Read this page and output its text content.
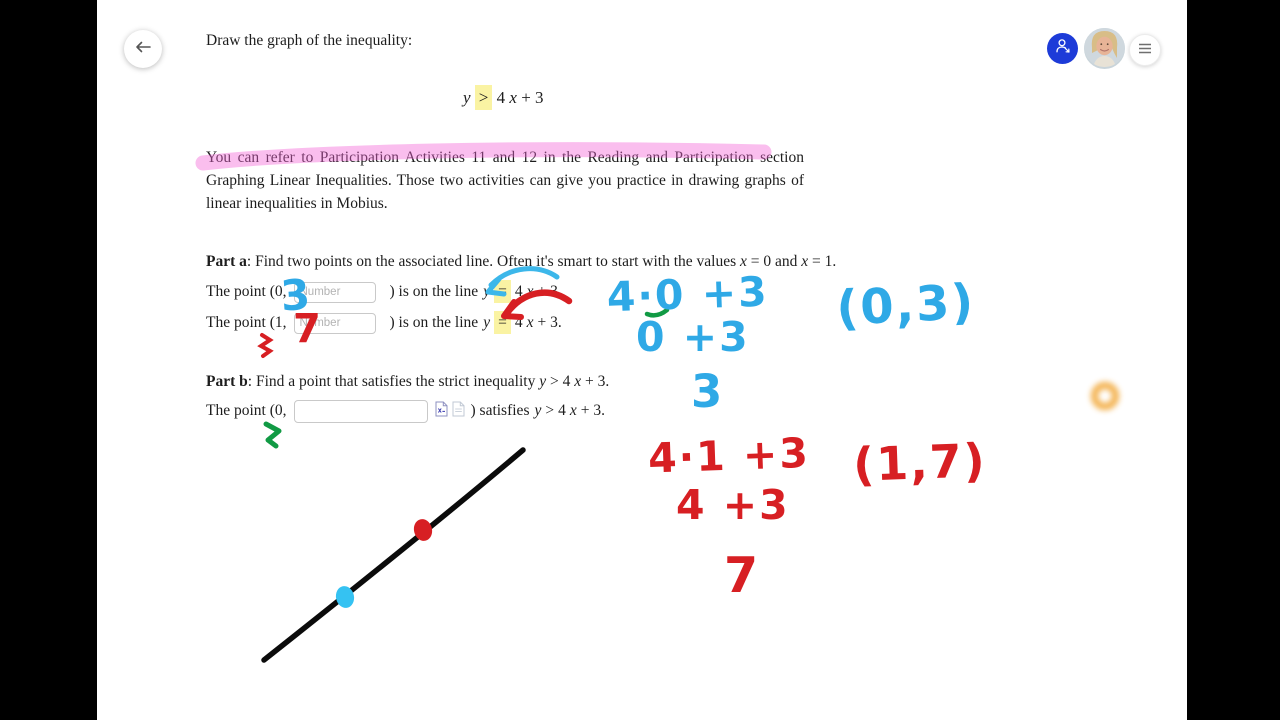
Draw the graph of the inequality:
y > 4 x + 3
You can refer to Participation Activities 11 and 12 in the Reading and Participation section Graphing Linear Inequalities. Those two activities can give you practice in drawing graphs of linear inequalities in Mobius.
Part a: Find two points on the associated line. Often it's smart to start with the values x = 0 and x = 1.
The point (0,
Number	) is on the line y = 4 x + 3.
The point (1,
Number	) is on the line y = 4 x + 3.
Part b: Find a point that satisfies the strict inequality y > 4 x + 3.
The point (0,	) satisfies y > 4 x + 3.
3
7
4·0 +3
0 +3
3
(0,3)
4·1 +3
4 +3
7
(1,7)
